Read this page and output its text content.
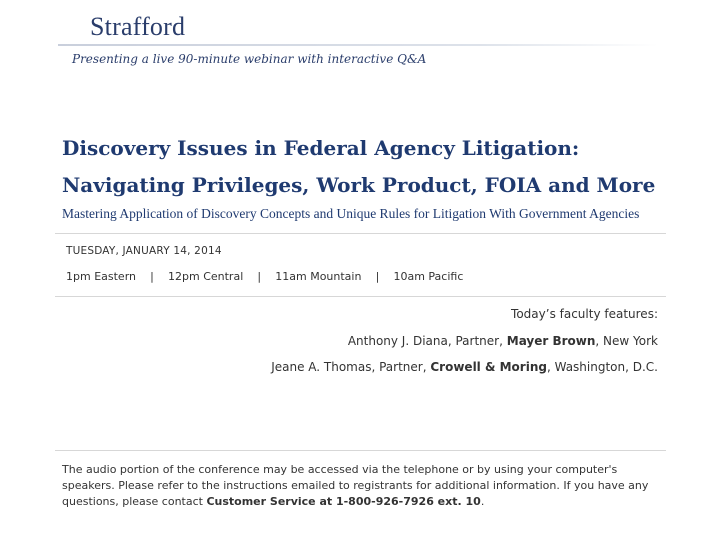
Strafford
Presenting a live 90-minute webinar with interactive Q&A
Discovery Issues in Federal Agency Litigation:
Navigating Privileges, Work Product, FOIA and More
Mastering Application of Discovery Concepts and Unique Rules for Litigation With Government Agencies
TUESDAY, JANUARY 14, 2014
1pm Eastern | 12pm Central | 11am Mountain | 10am Pacific
Today’s faculty features:
Anthony J. Diana, Partner, Mayer Brown, New York
Jeane A. Thomas, Partner, Crowell & Moring, Washington, D.C.
The audio portion of the conference may be accessed via the telephone or by using your computer's speakers. Please refer to the instructions emailed to registrants for additional information. If you have any questions, please contact Customer Service at 1-800-926-7926 ext. 10.
